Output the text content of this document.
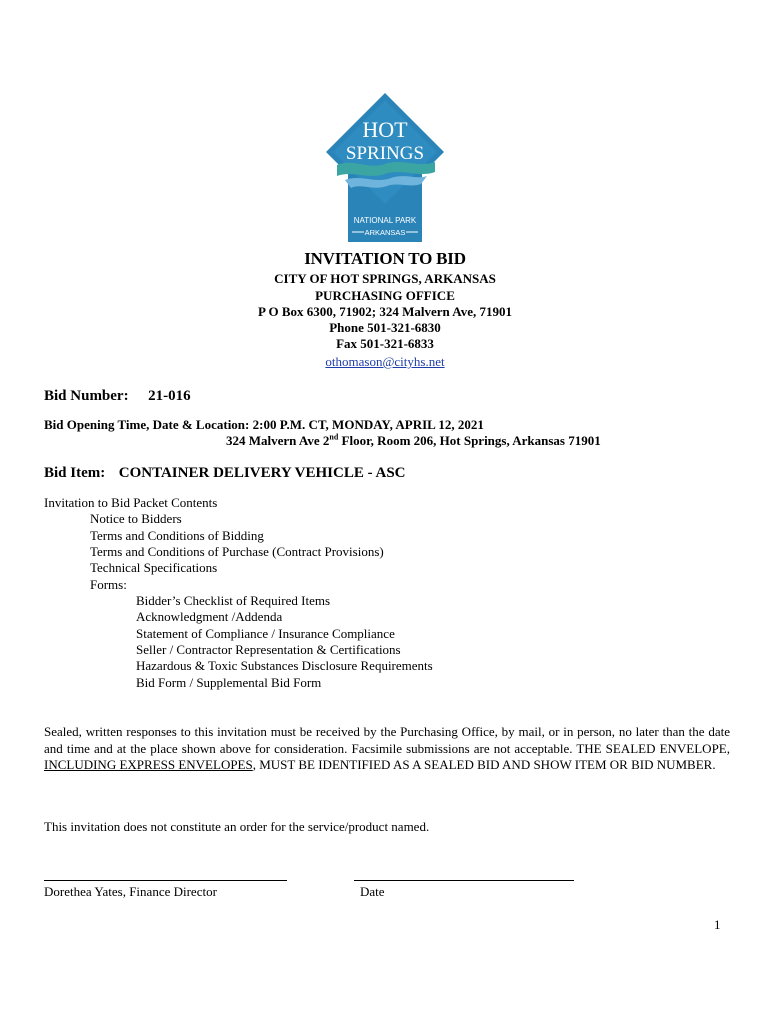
HOT
SPRINGS
NATIONAL PARK
ARKANSAS
INVITATION TO BID
CITY OF HOT SPRINGS, ARKANSAS
PURCHASING OFFICE
P O Box 6300, 71902; 324 Malvern Ave, 71901
Phone 501-321-6830
Fax 501-321-6833
othomason@cityhs.net
Bid Number: 21-016
Bid Opening Time, Date & Location: 2:00 P.M. CT, MONDAY, APRIL 12, 2021
324 Malvern Ave 2nd Floor, Room 206, Hot Springs, Arkansas 71901
Bid Item: CONTAINER DELIVERY VEHICLE - ASC
Invitation to Bid Packet Contents
Notice to Bidders
Terms and Conditions of Bidding
Terms and Conditions of Purchase (Contract Provisions)
Technical Specifications
Forms:
Bidder’s Checklist of Required Items
Acknowledgment /Addenda
Statement of Compliance / Insurance Compliance
Seller / Contractor Representation & Certifications
Hazardous & Toxic Substances Disclosure Requirements
Bid Form / Supplemental Bid Form
Sealed, written responses to this invitation must be received by the Purchasing Office, by mail, or in person, no later than the date and time and at the place shown above for consideration. Facsimile submissions are not acceptable. THE SEALED ENVELOPE, INCLUDING EXPRESS ENVELOPES, MUST BE IDENTIFIED AS A SEALED BID AND SHOW ITEM OR BID NUMBER.
This invitation does not constitute an order for the service/product named.
Dorethea Yates, Finance Director	Date
1
